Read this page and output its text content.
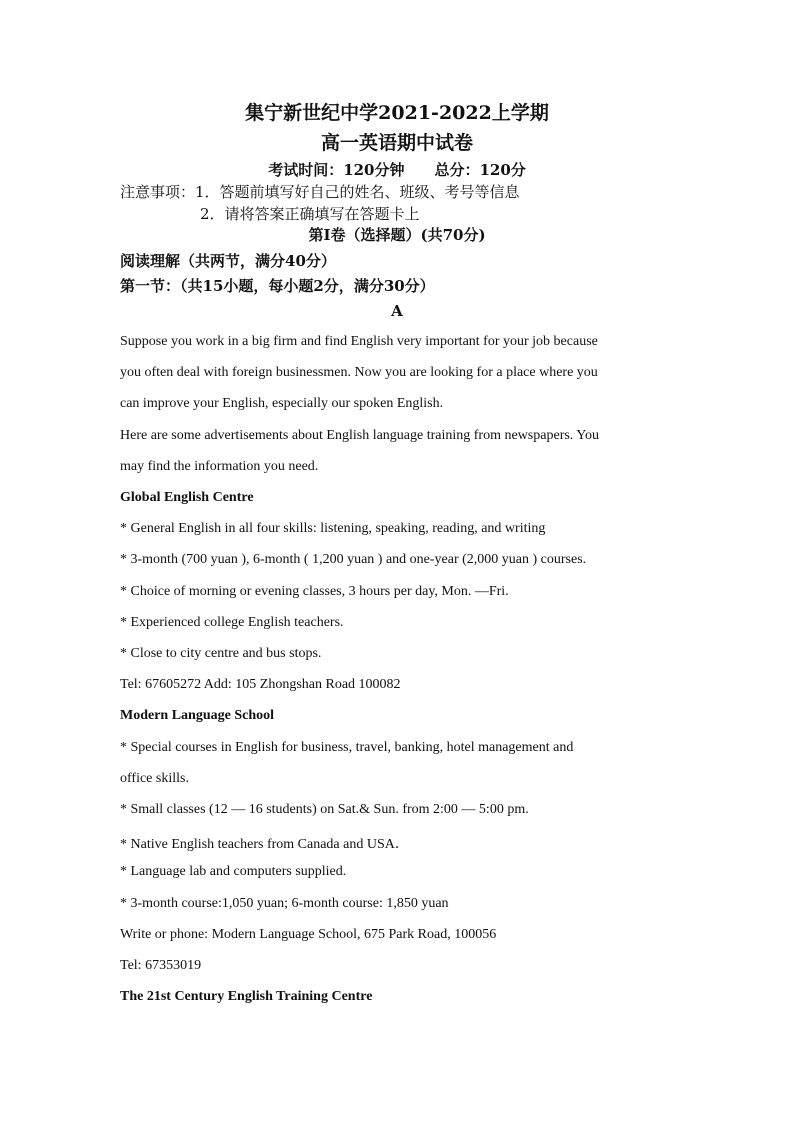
集宁新世纪中学2021-2022上学期
高一英语期中试卷
考试时间：120分钟　　总分：120分
注意事项：1．答题前填写好自己的姓名、班级、考号等信息
2．请将答案正确填写在答题卡上
第I卷（选择题）(共70分)
阅读理解（共两节，满分40分）
第一节：（共15小题，每小题2分，满分30分）
A
Suppose you work in a big firm and find English very important for your job because
you often deal with foreign businessmen. Now you are looking for a place where you
can improve your English, especially our spoken English.
Here are some advertisements about English language training from newspapers. You
may find the information you need.
Global English Centre
* General English in all four skills: listening, speaking, reading, and writing
* 3-month (700 yuan ), 6-month ( 1,200 yuan ) and one-year (2,000 yuan ) courses.
* Choice of morning or evening classes, 3 hours per day, Mon. —Fri.
* Experienced college English teachers.
* Close to city centre and bus stops.
Tel: 67605272 Add: 105 Zhongshan Road 100082
Modern Language School
* Special courses in English for business, travel, banking, hotel management and
office skills.
* Small classes (12 — 16 students) on Sat.& Sun. from 2:00 — 5:00 pm.
* Native English teachers from Canada and USA．
* Language lab and computers supplied.
* 3-month course:1,050 yuan; 6-month course: 1,850 yuan
Write or phone: Modern Language School, 675 Park Road, 100056
Tel: 67353019
The 21st Century English Training Centre
